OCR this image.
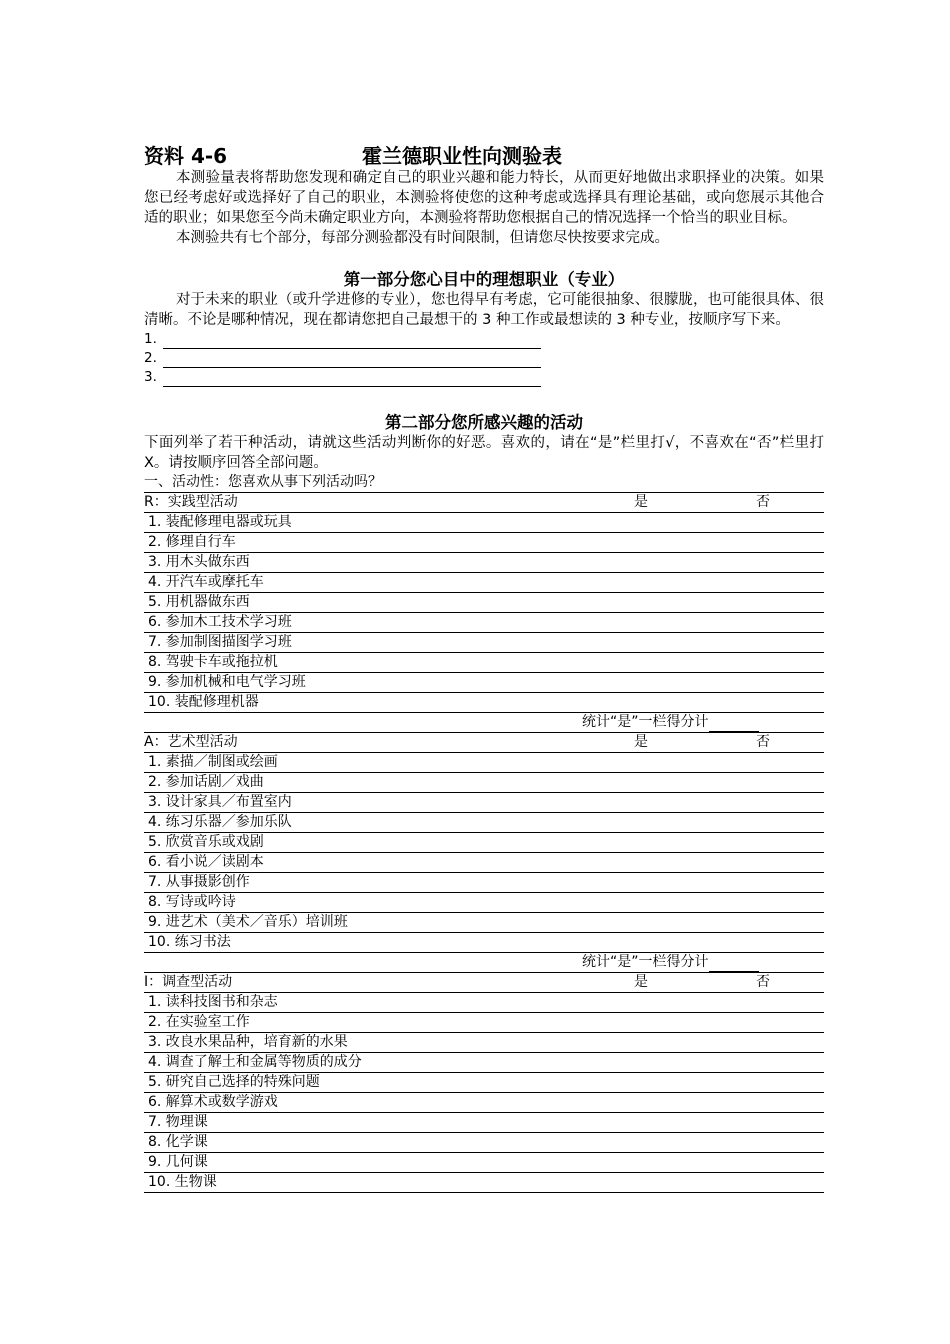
资料 4-6	霍兰德职业性向测验表

本测验量表将帮助您发现和确定自己的职业兴趣和能力特长，从而更好地做出求职择业的决策。如果您已经考虑好或选择好了自己的职业，本测验将使您的这种考虑或选择具有理论基础，或向您展示其他合适的职业；如果您至今尚未确定职业方向，本测验将帮助您根据自己的情况选择一个恰当的职业目标。

本测验共有七个部分，每部分测验都没有时间限制，但请您尽快按要求完成。

第一部分您心目中的理想职业（专业）

对于未来的职业（或升学进修的专业），您也得早有考虑，它可能很抽象、很朦胧，也可能很具体、很清晰。不论是哪种情况，现在都请您把自己最想干的 3 种工作或最想读的 3 种专业，按顺序写下来。

1.
2.
3.

第二部分您所感兴趣的活动

下面列举了若干种活动，请就这些活动判断你的好恶。喜欢的，请在“是”栏里打√，不喜欢在“否”栏里打 X。请按顺序回答全部问题。

一、活动性：您喜欢从事下列活动吗？
R：实践型活动	是	否
1. 装配修理电器或玩具
2. 修理自行车
3. 用木头做东西
4. 开汽车或摩托车
5. 用机器做东西
6. 参加木工技术学习班
7. 参加制图描图学习班
8. 驾驶卡车或拖拉机
9. 参加机械和电气学习班
10. 装配修理机器
统计“是”一栏得分计
A：艺术型活动	是	否
1. 素描／制图或绘画
2. 参加话剧／戏曲
3. 设计家具／布置室内
4. 练习乐器／参加乐队
5. 欣赏音乐或戏剧
6. 看小说／读剧本
7. 从事摄影创作
8. 写诗或吟诗
9. 进艺术（美术／音乐）培训班
10. 练习书法
统计“是”一栏得分计
I：调查型活动	是	否
1. 读科技图书和杂志
2. 在实验室工作
3. 改良水果品种，培育新的水果
4. 调查了解土和金属等物质的成分
5. 研究自己选择的特殊问题
6. 解算术或数学游戏
7. 物理课
8. 化学课
9. 几何课
10. 生物课
